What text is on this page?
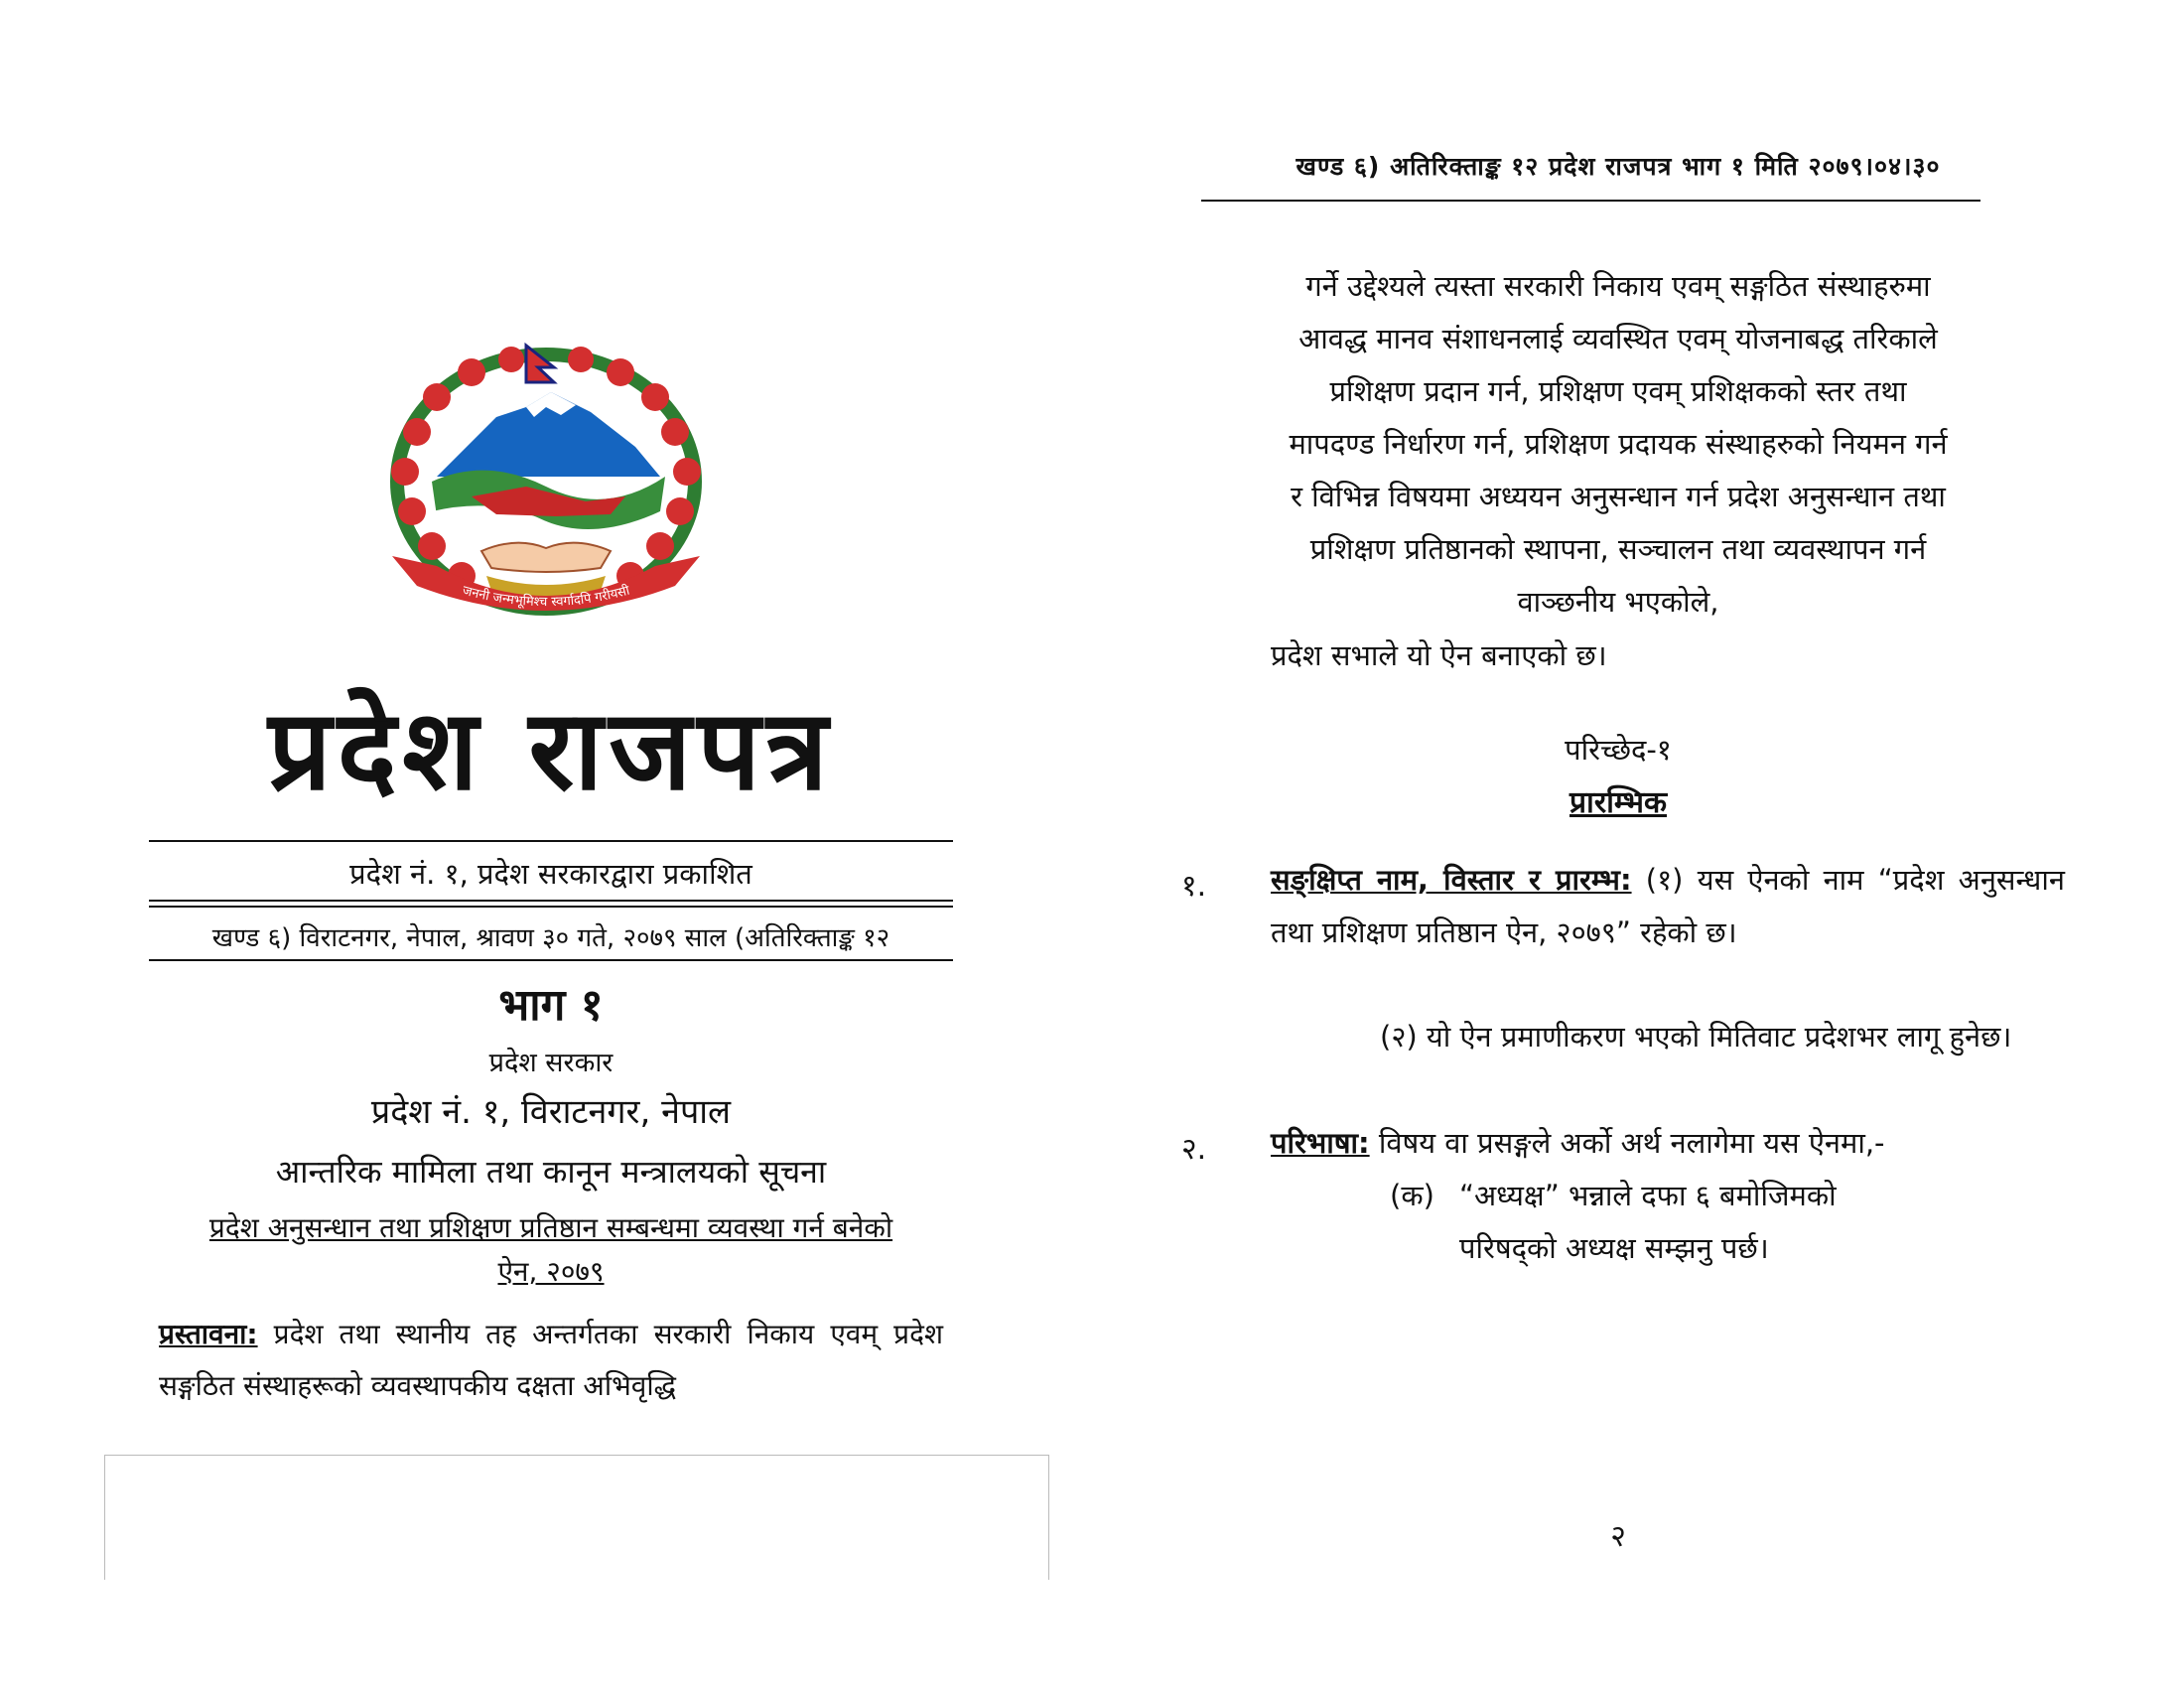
जननी जन्मभूमिश्च स्वर्गादपि गरीयसी
प्रदेश राजपत्र
प्रदेश नं. १, प्रदेश सरकारद्वारा प्रकाशित
खण्ड ६) विराटनगर, नेपाल, श्रावण ३० गते, २०७९ साल (अतिरिक्ताङ्क १२
भाग १
प्रदेश सरकार
प्रदेश नं. १, विराटनगर, नेपाल
आन्तरिक मामिला तथा कानून मन्त्रालयको सूचना
प्रदेश अनुसन्धान तथा प्रशिक्षण प्रतिष्ठान सम्बन्धमा व्यवस्था गर्न बनेको
ऐन, २०७९
प्रस्तावना: प्रदेश तथा स्थानीय तह अन्तर्गतका सरकारी निकाय एवम् प्रदेश सङ्गठित संस्थाहरूको व्यवस्थापकीय दक्षता अभिवृद्धि
खण्ड ६) अतिरिक्ताङ्क १२ प्रदेश राजपत्र भाग १ मिति २०७९।०४।३०
गर्ने उद्देश्यले त्यस्ता सरकारी निकाय एवम् सङ्गठित संस्थाहरुमा
आवद्ध मानव संशाधनलाई व्यवस्थित एवम् योजनाबद्ध तरिकाले
प्रशिक्षण प्रदान गर्न, प्रशिक्षण एवम् प्रशिक्षकको स्तर तथा
मापदण्ड निर्धारण गर्न, प्रशिक्षण प्रदायक संस्थाहरुको नियमन गर्न
र विभिन्न विषयमा अध्ययन अनुसन्धान गर्न प्रदेश अनुसन्धान तथा
प्रशिक्षण प्रतिष्ठानको स्थापना, सञ्चालन तथा व्यवस्थापन गर्न
वाञ्छनीय भएकोले,
प्रदेश सभाले यो ऐन बनाएको छ।
परिच्छेद-१
प्रारम्भिक
१. सङ्क्षिप्त नाम, विस्तार र प्रारम्भ: (१) यस ऐनको नाम “प्रदेश अनुसन्धान तथा प्रशिक्षण प्रतिष्ठान ऐन, २०७९” रहेको छ।
(२) यो ऐन प्रमाणीकरण भएको मितिवाट प्रदेशभर लागू हुनेछ।
२. परिभाषा: विषय वा प्रसङ्गले अर्को अर्थ नलागेमा यस ऐनमा,-
(क) “अध्यक्ष” भन्नाले दफा ६ बमोजिमको
परिषद्को अध्यक्ष सम्झनु पर्छ।
२
